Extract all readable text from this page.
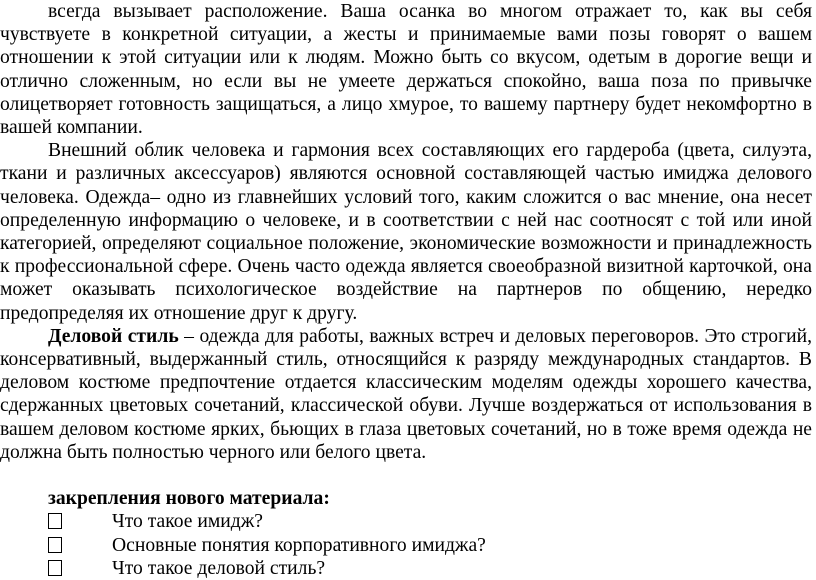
всегда вызывает расположение. Ваша осанка во многом отражает то, как вы себя чувствуете в конкретной ситуации, а жесты и принимаемые вами позы говорят о вашем отношении к этой ситуации или к людям. Можно быть со вкусом, одетым в дорогие вещи и отлично сложенным, но если вы не умеете держаться спокойно, ваша поза по привычке олицетворяет готовность защищаться, а лицо хмурое, то вашему партнеру будет некомфортно в вашей компании.

Внешний облик человека и гармония всех составляющих его гардероба (цвета, силуэта, ткани и различных аксессуаров) являются основной составляющей частью имиджа делового человека. Одежда– одно из главнейших условий того, каким сложится о вас мнение, она несет определенную информацию о человеке, и в соответствии с ней нас соотносят с той или иной категорией, определяют социальное положение, экономические возможности и принадлежность к профессиональной сфере. Очень часто одежда является своеобразной визитной карточкой, она может оказывать психологическое воздействие на партнеров по общению, нередко предопределяя их отношение друг к другу.

Деловой стиль – одежда для работы, важных встреч и деловых переговоров. Это строгий, консервативный, выдержанный стиль, относящийся к разряду международных стандартов. В деловом костюме предпочтение отдается классическим моделям одежды хорошего качества, сдержанных цветовых сочетаний, классической обуви. Лучше воздержаться от использования в вашем деловом костюме ярких, бьющих в глаза цветовых сочетаний, но в тоже время одежда не должна быть полностью черного или белого цвета.

закрепления нового материала:

Что такое имидж?
Основные понятия корпоративного имиджа?
Что такое деловой стиль?
